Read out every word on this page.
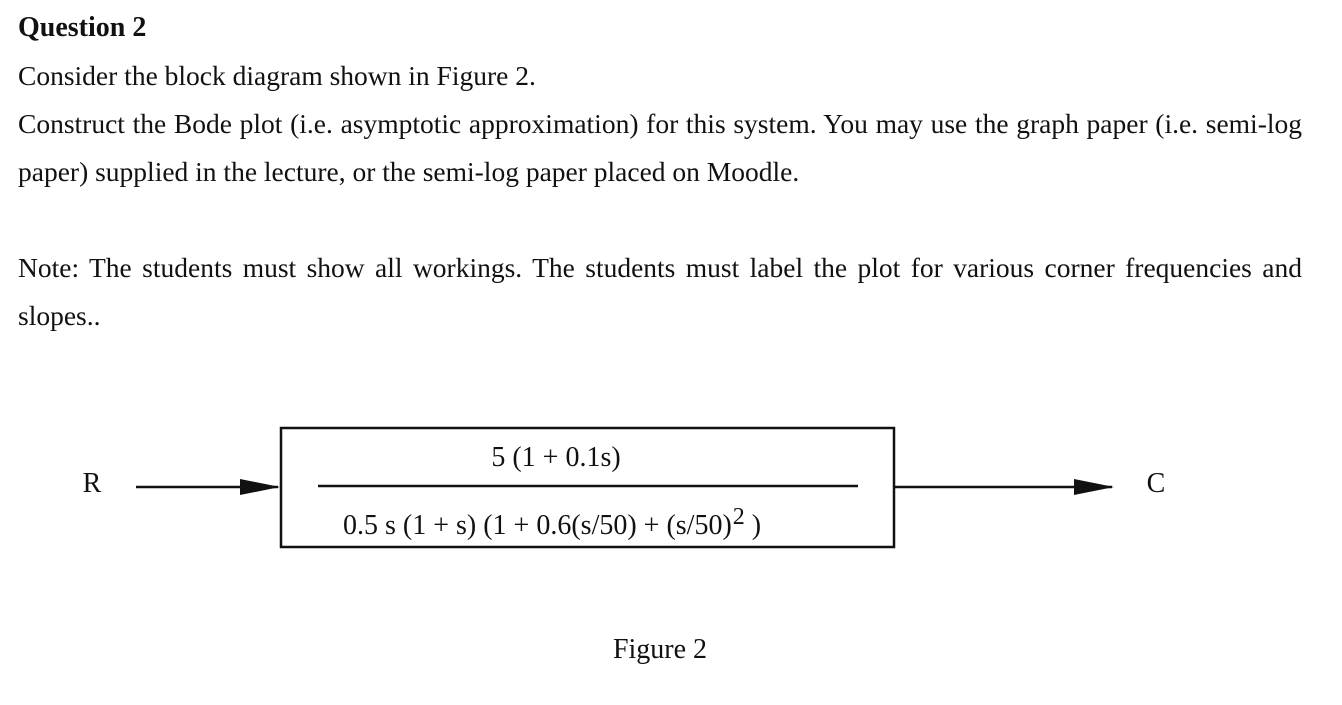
Question 2

Consider the block diagram shown in Figure 2.

Construct the Bode plot (i.e. asymptotic approximation) for this system. You may use the graph paper (i.e. semi-log paper) supplied in the lecture, or the semi-log paper placed on Moodle.

Note: The students must show all workings. The students must label the plot for various corner frequencies and slopes..

R
5 (1 + 0.1s)
0.5 s (1 + s) (1 + 0.6(s/50) + (s/50) 2 )
C

Figure 2
